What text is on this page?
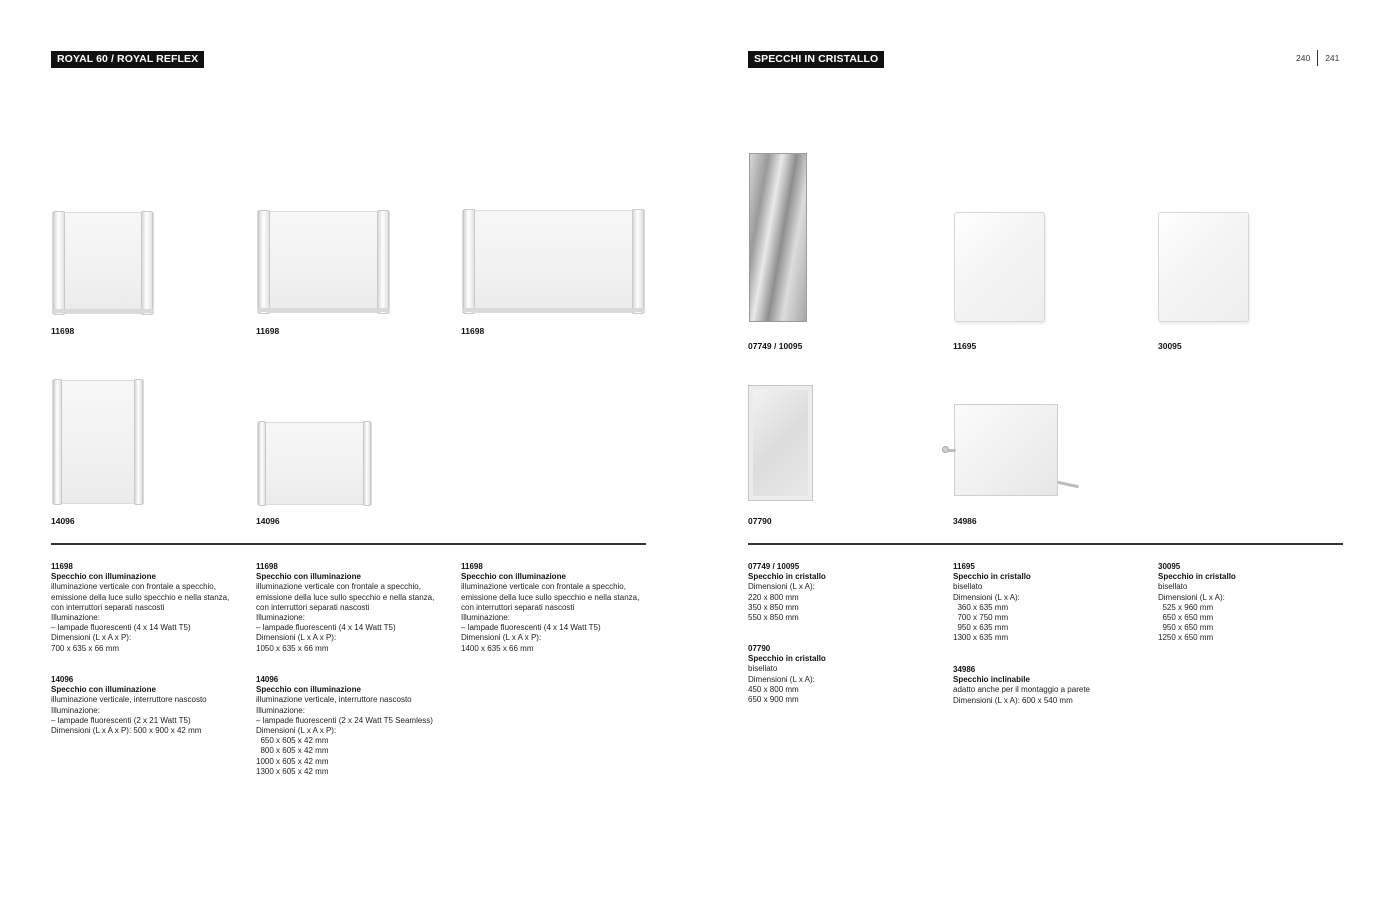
ROYAL 60 / ROYAL REFLEX	SPECCHI IN CRISTALLO	240 241
11698	11698	11698
14096	14096
07749 / 10095	11695	30095
07790	34986
11698
Specchio con illuminazione
illuminazione verticale con frontale a specchio,
emissione della luce sullo specchio e nella stanza,
con interruttori separati nascosti
Illuminazione:
– lampade fluorescenti (4 x 14 Watt T5)
Dimensioni (L x A x P):
700 x 635 x 66 mm
11698
Specchio con illuminazione
illuminazione verticale con frontale a specchio,
emissione della luce sullo specchio e nella stanza,
con interruttori separati nascosti
Illuminazione:
– lampade fluorescenti (4 x 14 Watt T5)
Dimensioni (L x A x P):
1050 x 635 x 66 mm
11698
Specchio con illuminazione
illuminazione verticale con frontale a specchio,
emissione della luce sullo specchio e nella stanza,
con interruttori separati nascosti
Illuminazione:
– lampade fluorescenti (4 x 14 Watt T5)
Dimensioni (L x A x P):
1400 x 635 x 66 mm
14096
Specchio con illuminazione
illuminazione verticale, interruttore nascosto
Illuminazione:
– lampade fluorescenti (2 x 21 Watt T5)
Dimensioni (L x A x P): 500 x 900 x 42 mm
14096
Specchio con illuminazione
illuminazione verticale, interruttore nascosto
Illuminazione:
– lampade fluorescenti (2 x 24 Watt T5 Seamless)
Dimensioni (L x A x P):
650 x 605 x 42 mm
800 x 605 x 42 mm
1000 x 605 x 42 mm
1300 x 605 x 42 mm
07749 / 10095
Specchio in cristallo
Dimensioni (L x A):
220 x 800 mm
350 x 850 mm
550 x 850 mm
07790
Specchio in cristallo
bisellato
Dimensioni (L x A):
450 x 800 mm
650 x 900 mm
11695
Specchio in cristallo
bisellato
Dimensioni (L x A):
360 x 635 mm
700 x 750 mm
950 x 635 mm
1300 x 635 mm
34986
Specchio inclinabile
adatto anche per il montaggio a parete
Dimensioni (L x A): 600 x 540 mm
30095
Specchio in cristallo
bisellato
Dimensioni (L x A):
525 x 960 mm
650 x 650 mm
950 x 650 mm
1250 x 650 mm
